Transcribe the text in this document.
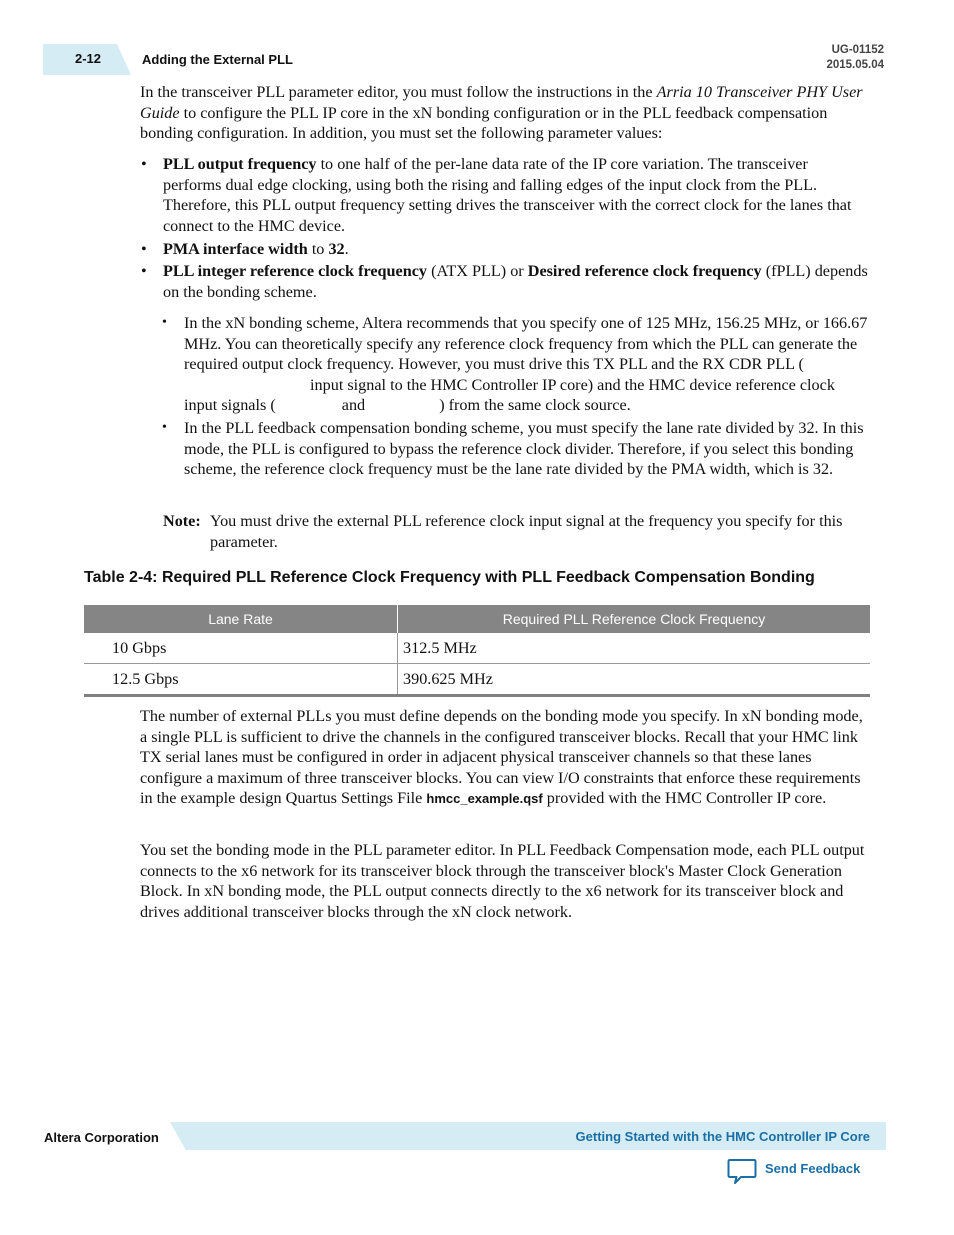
2-12	Adding the External PLL
UG-01152
2015.05.04
In the transceiver PLL parameter editor, you must follow the instructions in the Arria 10 Transceiver PHY User Guide to configure the PLL IP core in the xN bonding configuration or in the PLL feedback compensation bonding configuration. In addition, you must set the following parameter values:
• PLL output frequency to one half of the per-lane data rate of the IP core variation. The transceiver performs dual edge clocking, using both the rising and falling edges of the input clock from the PLL. Therefore, this PLL output frequency setting drives the transceiver with the correct clock for the lanes that connect to the HMC device.
• PMA interface width to 32.
• PLL integer reference clock frequency (ATX PLL) or Desired reference clock frequency (fPLL) depends on the bonding scheme.
• In the xN bonding scheme, Altera recommends that you specify one of 125 MHz, 156.25 MHz, or 166.67 MHz. You can theoretically specify any reference clock frequency from which the PLL can generate the required output clock frequency. However, you must drive this TX PLL and the RX CDR PLL ( input signal to the HMC Controller IP core) and the HMC device reference clock input signals (	and	) from the same clock source.
• In the PLL feedback compensation bonding scheme, you must specify the lane rate divided by 32. In this mode, the PLL is configured to bypass the reference clock divider. Therefore, if you select this bonding scheme, the reference clock frequency must be the lane rate divided by the PMA width, which is 32.
Note: You must drive the external PLL reference clock input signal at the frequency you specify for this parameter.
Table 2-4: Required PLL Reference Clock Frequency with PLL Feedback Compensation Bonding
Lane Rate	Required PLL Reference Clock Frequency
10 Gbps	312.5 MHz
12.5 Gbps	390.625 MHz
The number of external PLLs you must define depends on the bonding mode you specify. In xN bonding mode, a single PLL is sufficient to drive the channels in the configured transceiver blocks. Recall that your HMC link TX serial lanes must be configured in order in adjacent physical transceiver channels so that these lanes configure a maximum of three transceiver blocks. You can view I/O constraints that enforce these requirements in the example design Quartus Settings File hmcc_example.qsf provided with the HMC Controller IP core.
You set the bonding mode in the PLL parameter editor. In PLL Feedback Compensation mode, each PLL output connects to the x6 network for its transceiver block through the transceiver block's Master Clock Generation Block. In xN bonding mode, the PLL output connects directly to the x6 network for its transceiver block and drives additional transceiver blocks through the xN clock network.
Altera Corporation	Getting Started with the HMC Controller IP Core
Send Feedback
